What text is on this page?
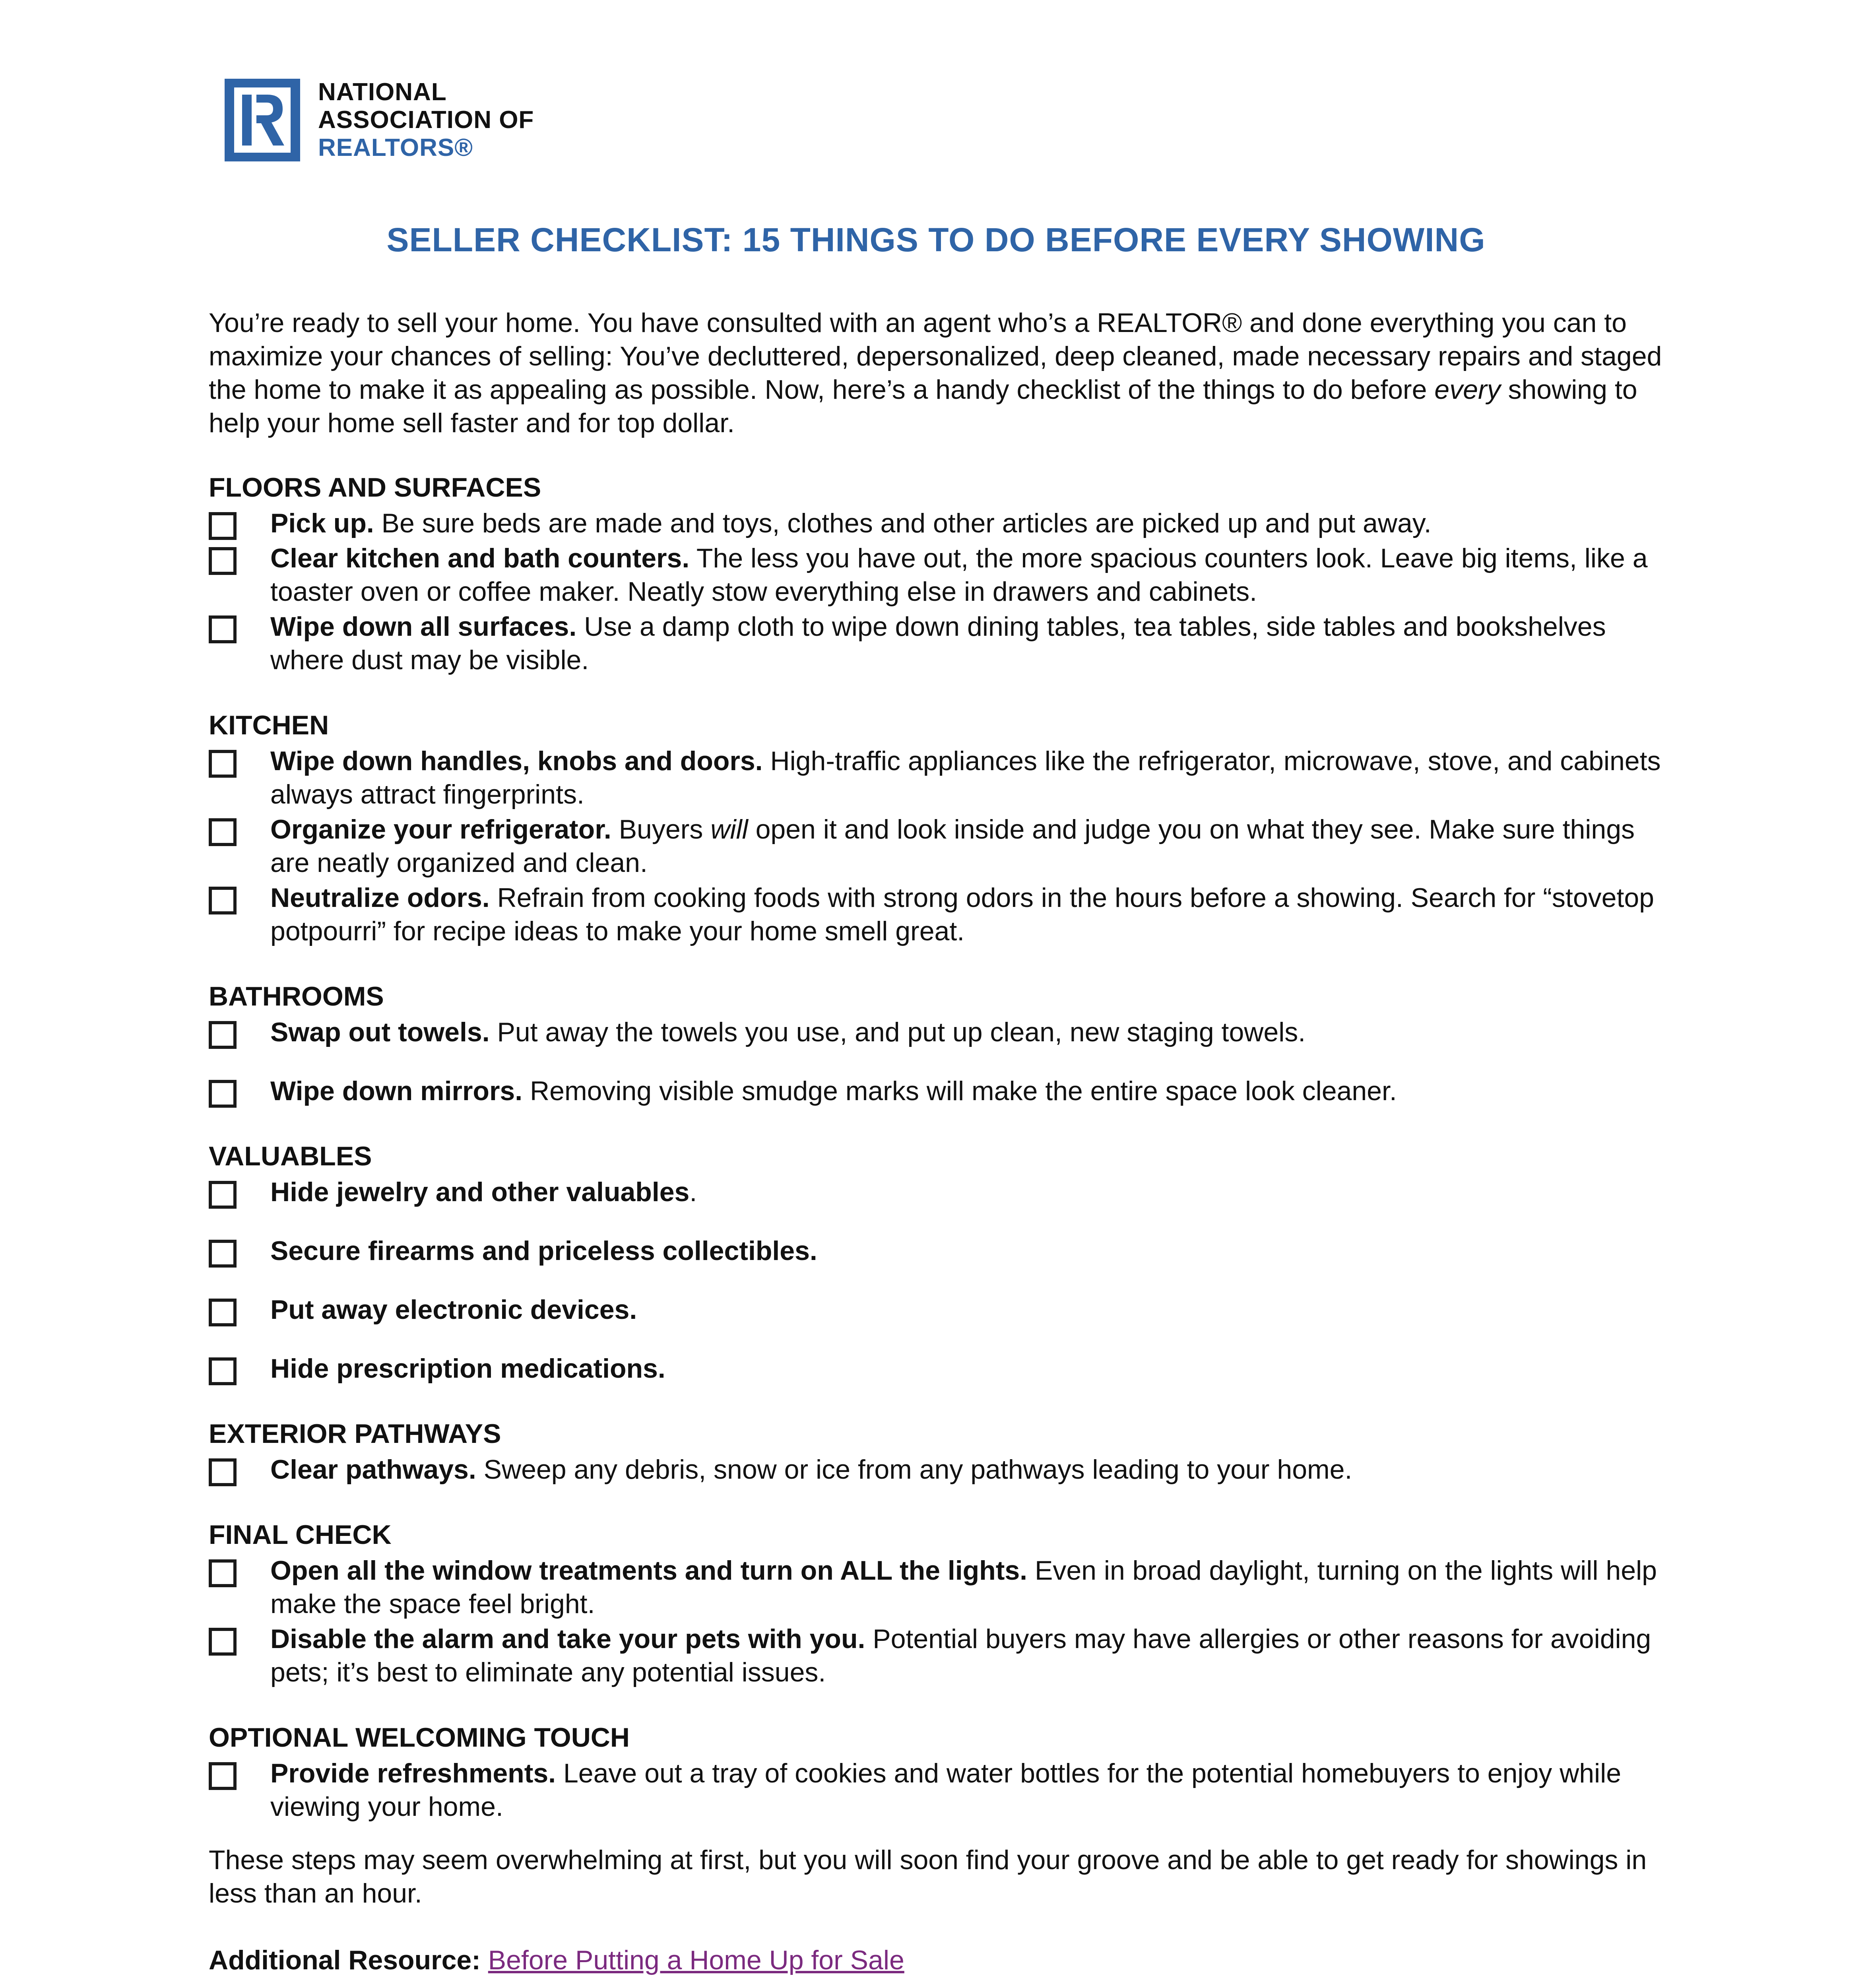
NATIONAL
ASSOCIATION OF
REALTORS®
SELLER CHECKLIST: 15 THINGS TO DO BEFORE EVERY SHOWING

You’re ready to sell your home. You have consulted with an agent who’s a REALTOR® and done everything you can to maximize your chances of selling: You’ve decluttered, depersonalized, deep cleaned, made necessary repairs and staged the home to make it as appealing as possible. Now, here’s a handy checklist of the things to do before every showing to help your home sell faster and for top dollar.

FLOORS AND SURFACES
Pick up. Be sure beds are made and toys, clothes and other articles are picked up and put away.
Clear kitchen and bath counters. The less you have out, the more spacious counters look. Leave big items, like a toaster oven or coffee maker. Neatly stow everything else in drawers and cabinets.
Wipe down all surfaces. Use a damp cloth to wipe down dining tables, tea tables, side tables and bookshelves where dust may be visible.
KITCHEN
Wipe down handles, knobs and doors. High-traffic appliances like the refrigerator, microwave, stove, and cabinets always attract fingerprints.
Organize your refrigerator. Buyers will open it and look inside and judge you on what they see. Make sure things are neatly organized and clean.
Neutralize odors. Refrain from cooking foods with strong odors in the hours before a showing. Search for “stovetop potpourri” for recipe ideas to make your home smell great.
BATHROOMS
Swap out towels. Put away the towels you use, and put up clean, new staging towels.
Wipe down mirrors. Removing visible smudge marks will make the entire space look cleaner.
VALUABLES
Hide jewelry and other valuables.
Secure firearms and priceless collectibles.
Put away electronic devices.
Hide prescription medications.
EXTERIOR PATHWAYS
Clear pathways. Sweep any debris, snow or ice from any pathways leading to your home.
FINAL CHECK
Open all the window treatments and turn on ALL the lights. Even in broad daylight, turning on the lights will help make the space feel bright.
Disable the alarm and take your pets with you. Potential buyers may have allergies or other reasons for avoiding pets; it’s best to eliminate any potential issues.
OPTIONAL WELCOMING TOUCH
Provide refreshments. Leave out a tray of cookies and water bottles for the potential homebuyers to enjoy while viewing your home.

These steps may seem overwhelming at first, but you will soon find your groove and be able to get ready for showings in less than an hour.

Additional Resource: Before Putting a Home Up for Sale
